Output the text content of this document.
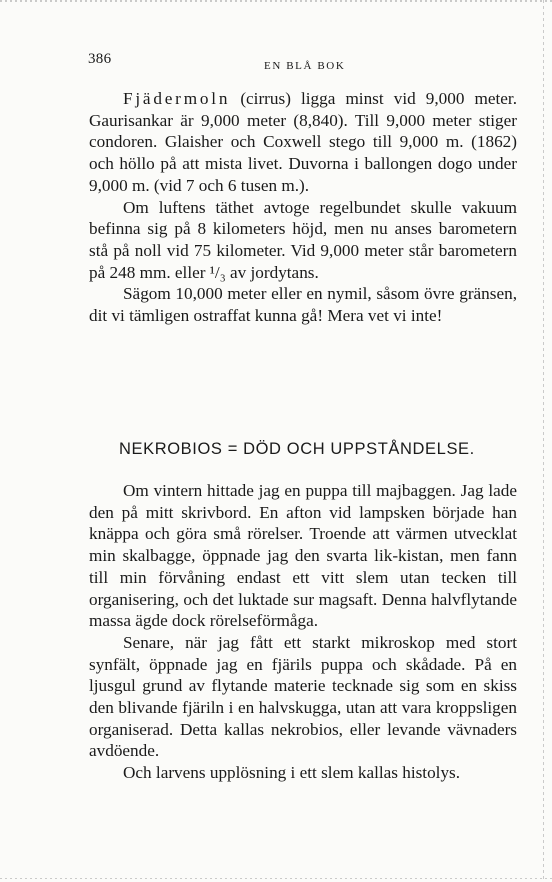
386	EN BLÅ BOK

Fjädermoln (cirrus) ligga minst vid 9,000 meter. Gaurisankar är 9,000 meter (8,840). Till 9,000 meter stiger condoren. Glaisher och Coxwell stego till 9,000 m. (1862) och höllo på att mista livet. Duvorna i ballongen dogo under 9,000 m. (vid 7 och 6 tusen m.).

Om luftens täthet avtoge regelbundet skulle vakuum befinna sig på 8 kilometers höjd, men nu anses barometern stå på noll vid 75 kilometer. Vid 9,000 meter står barometern på 248 mm. eller ¹/₃ av jordytans.

Sägom 10,000 meter eller en nymil, såsom övre gränsen, dit vi tämligen ostraffat kunna gå! Mera vet vi inte!

NEKROBIOS = DÖD OCH UPPSTÅNDELSE.

Om vintern hittade jag en puppa till majbaggen. Jag lade den på mitt skrivbord. En afton vid lampsken började han knäppa och göra små rörelser. Troende att värmen utvecklat min skalbagge, öppnade jag den svarta lik-kistan, men fann till min förvåning endast ett vitt slem utan tecken till organisering, och det luktade sur magsaft. Denna halvflytande massa ägde dock rörelseförmåga.

Senare, när jag fått ett starkt mikroskop med stort synfält, öppnade jag en fjärils puppa och skådade. På en ljusgul grund av flytande materie tecknade sig som en skiss den blivande fjäriln i en halvskugga, utan att vara kroppsligen organiserad. Detta kallas nekrobios, eller levande vävnaders avdöende.

Och larvens upplösning i ett slem kallas histolys.
